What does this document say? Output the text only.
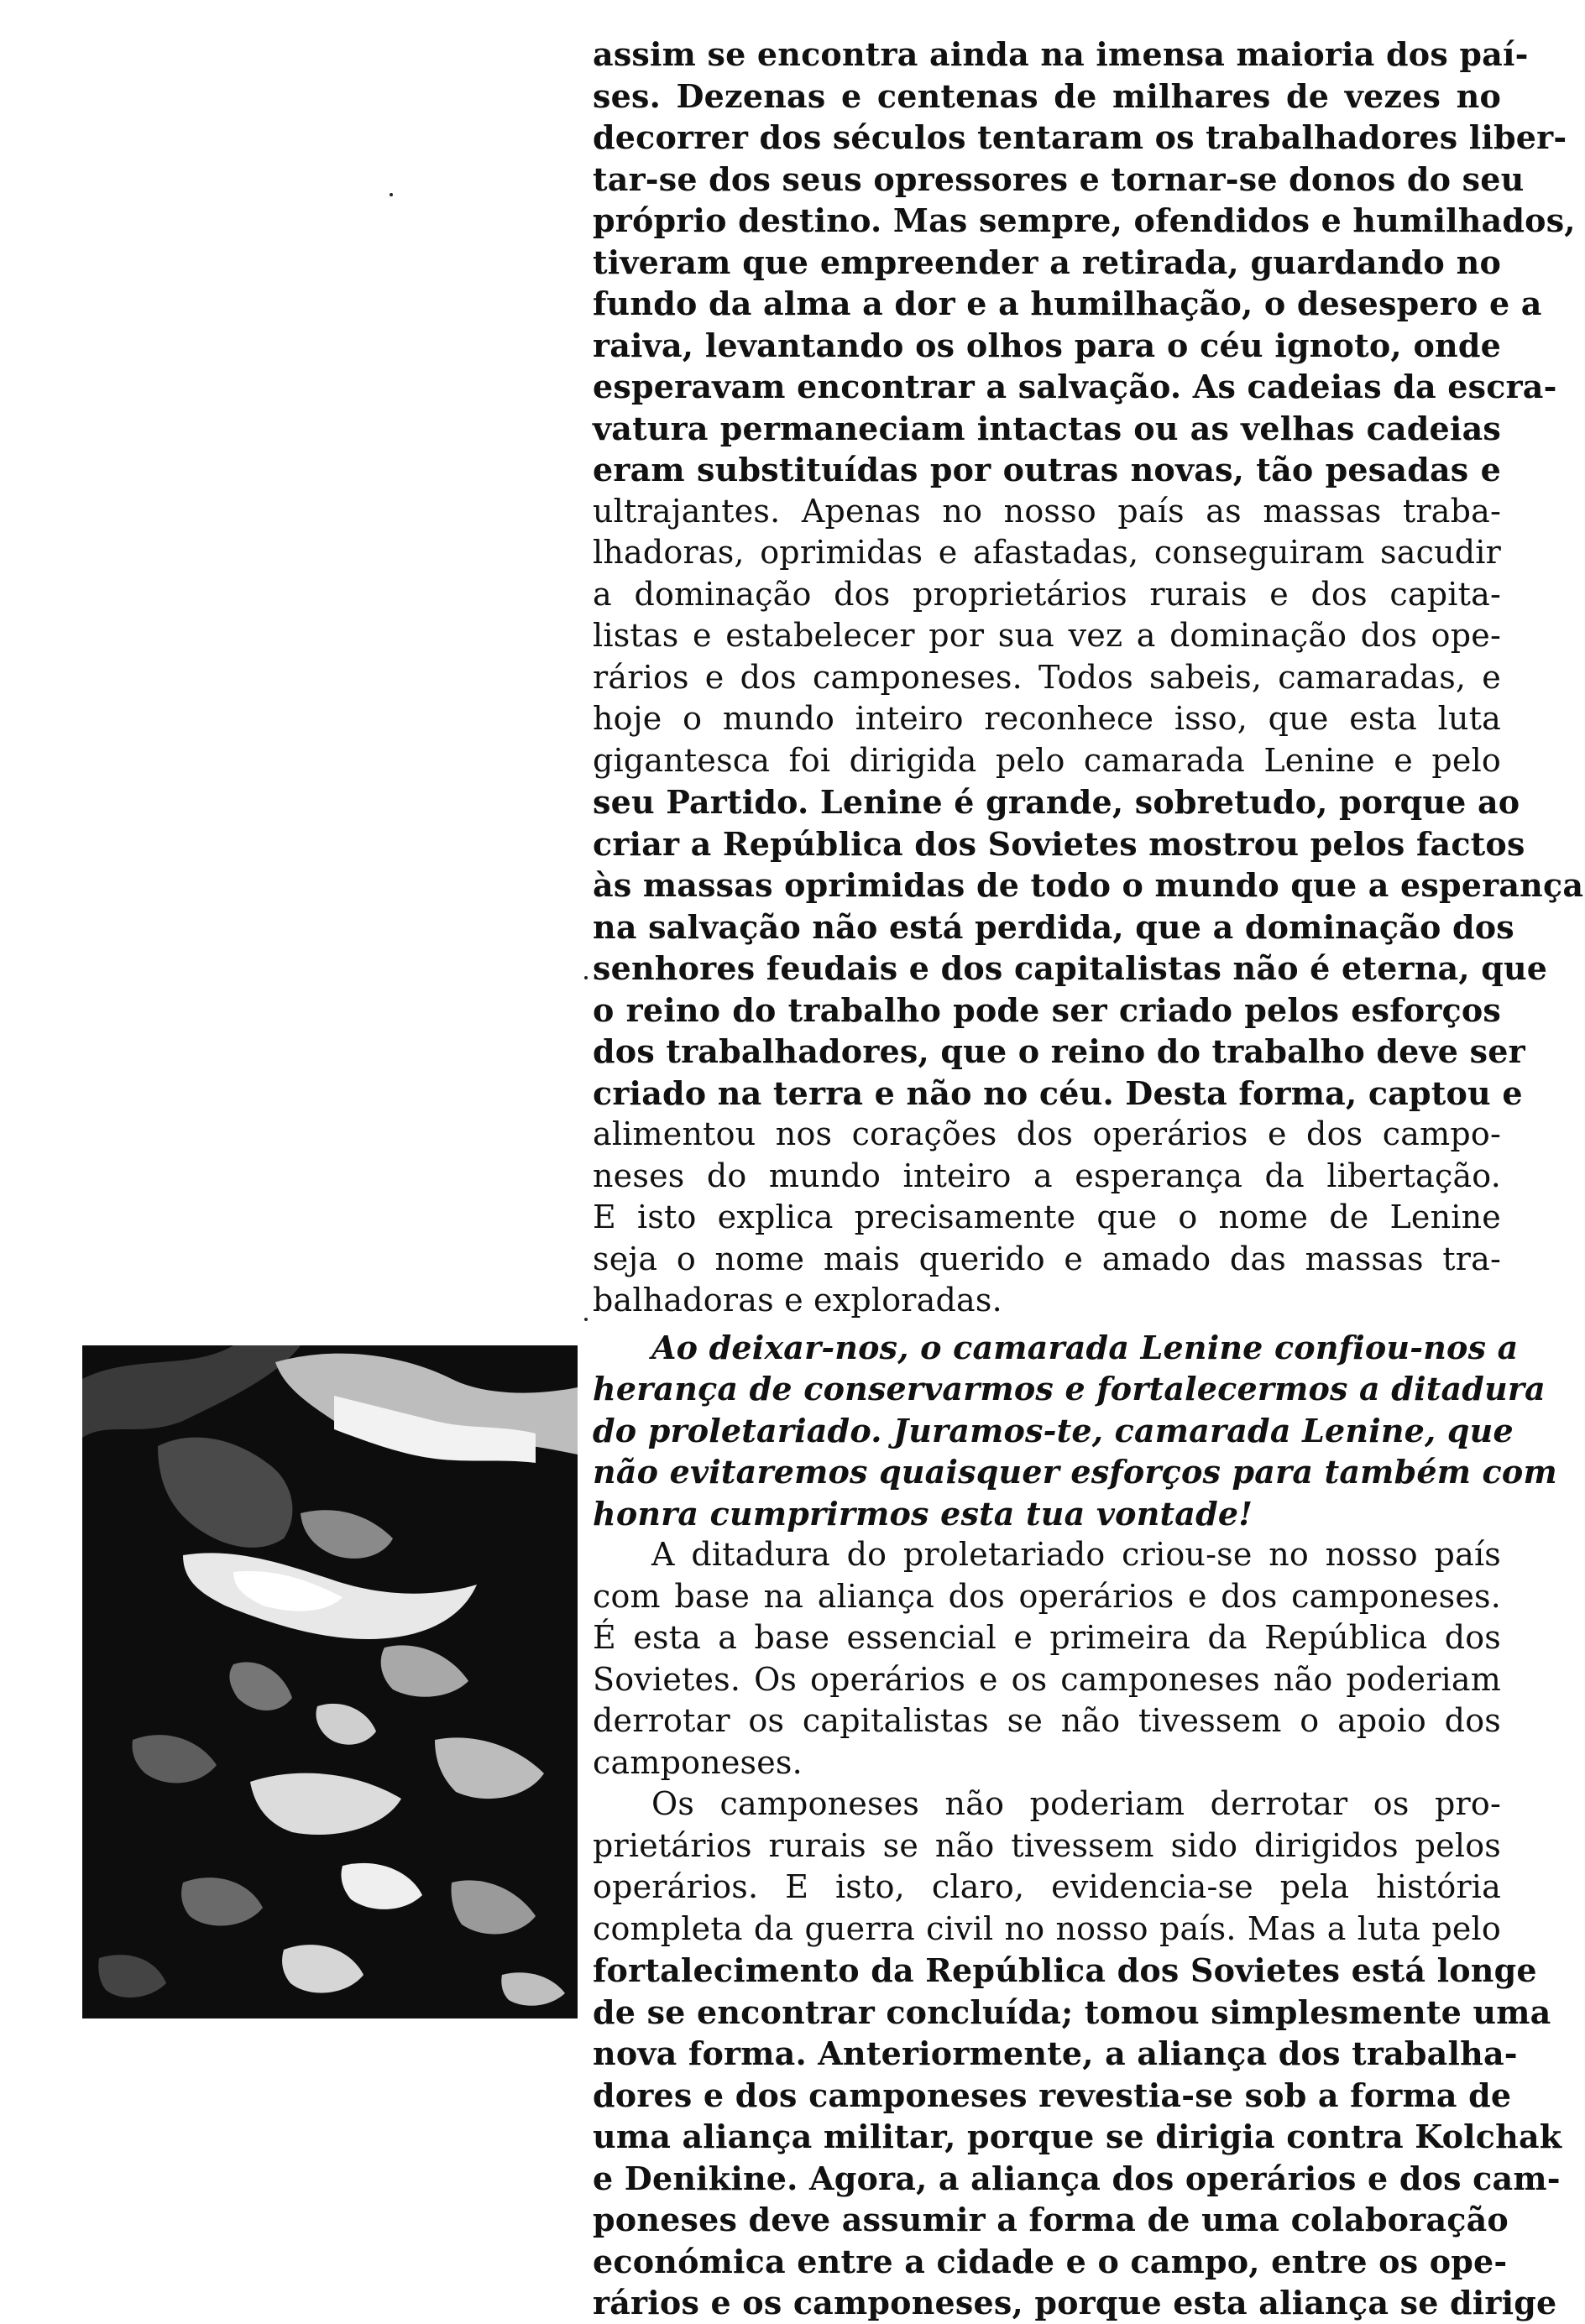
assim se encontra ainda na imensa maioria dos paí-
ses. Dezenas e centenas de milhares de vezes no
decorrer dos séculos tentaram os trabalhadores liber-
tar-se dos seus opressores e tornar-se donos do seu
próprio destino. Mas sempre, ofendidos e humilhados,
tiveram que empreender a retirada, guardando no
fundo da alma a dor e a humilhação, o desespero e a
raiva, levantando os olhos para o céu ignoto, onde
esperavam encontrar a salvação. As cadeias da escra-
vatura permaneciam intactas ou as velhas cadeias
eram substituídas por outras novas, tão pesadas e
ultrajantes. Apenas no nosso país as massas traba-
lhadoras, oprimidas e afastadas, conseguiram sacudir
a dominação dos proprietários rurais e dos capita-
listas e estabelecer por sua vez a dominação dos ope-
rários e dos camponeses. Todos sabeis, camaradas, e
hoje o mundo inteiro reconhece isso, que esta luta
gigantesca foi dirigida pelo camarada Lenine e pelo
seu Partido. Lenine é grande, sobretudo, porque ao
criar a República dos Sovietes mostrou pelos factos
às massas oprimidas de todo o mundo que a esperança
na salvação não está perdida, que a dominação dos
senhores feudais e dos capitalistas não é eterna, que
o reino do trabalho pode ser criado pelos esforços
dos trabalhadores, que o reino do trabalho deve ser
criado na terra e não no céu. Desta forma, captou e
alimentou nos corações dos operários e dos campo-
neses do mundo inteiro a esperança da libertação.
E isto explica precisamente que o nome de Lenine
seja o nome mais querido e amado das massas tra-
balhadoras e exploradas.
Ao deixar-nos, o camarada Lenine confiou-nos a
herança de conservarmos e fortalecermos a ditadura
do proletariado. Juramos-te, camarada Lenine, que
não evitaremos quaisquer esforços para também com
honra cumprirmos esta tua vontade!
A ditadura do proletariado criou-se no nosso país
com base na aliança dos operários e dos camponeses.
É esta a base essencial e primeira da República dos
Sovietes. Os operários e os camponeses não poderiam
derrotar os capitalistas se não tivessem o apoio dos
camponeses.
Os camponeses não poderiam derrotar os pro-
prietários rurais se não tivessem sido dirigidos pelos
operários. E isto, claro, evidencia-se pela história
completa da guerra civil no nosso país. Mas a luta pelo
fortalecimento da República dos Sovietes está longe
de se encontrar concluída; tomou simplesmente uma
nova forma. Anteriormente, a aliança dos trabalha-
dores e dos camponeses revestia-se sob a forma de
uma aliança militar, porque se dirigia contra Kolchak
e Denikine. Agora, a aliança dos operários e dos cam-
poneses deve assumir a forma de uma colaboração
económica entre a cidade e o campo, entre os ope-
rários e os camponeses, porque esta aliança se dirige
